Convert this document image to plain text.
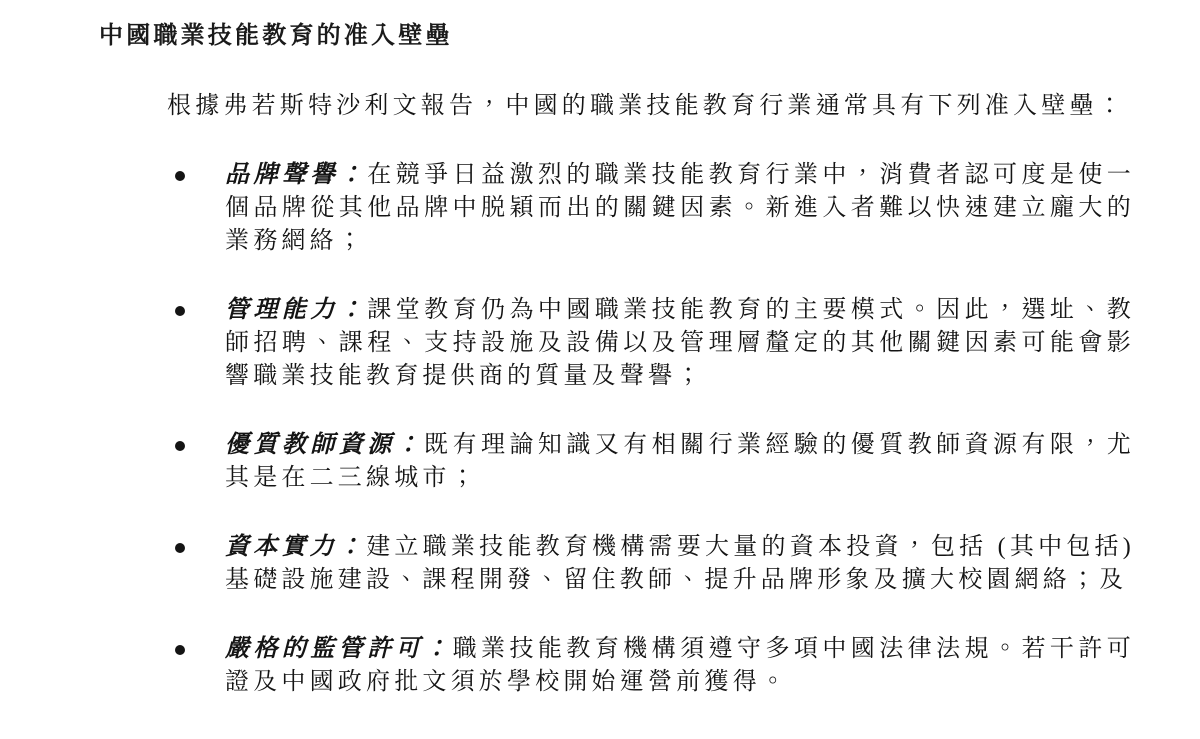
中國職業技能教育的准入壁壘

根據弗若斯特沙利文報告，中國的職業技能教育行業通常具有下列准入壁壘：

品牌聲譽：在競爭日益激烈的職業技能教育行業中，消費者認可度是使一個品牌從其他品牌中脱穎而出的關鍵因素。新進入者難以快速建立龐大的業務網絡；

管理能力：課堂教育仍為中國職業技能教育的主要模式。因此，選址、教師招聘、課程、支持設施及設備以及管理層釐定的其他關鍵因素可能會影響職業技能教育提供商的質量及聲譽；

優質教師資源：既有理論知識又有相關行業經驗的優質教師資源有限，尤其是在二三線城市；

資本實力：建立職業技能教育機構需要大量的資本投資，包括 (其中包括) 基礎設施建設、課程開發、留住教師、提升品牌形象及擴大校園網絡；及

嚴格的監管許可：職業技能教育機構須遵守多項中國法律法規。若干許可證及中國政府批文須於學校開始運營前獲得。
